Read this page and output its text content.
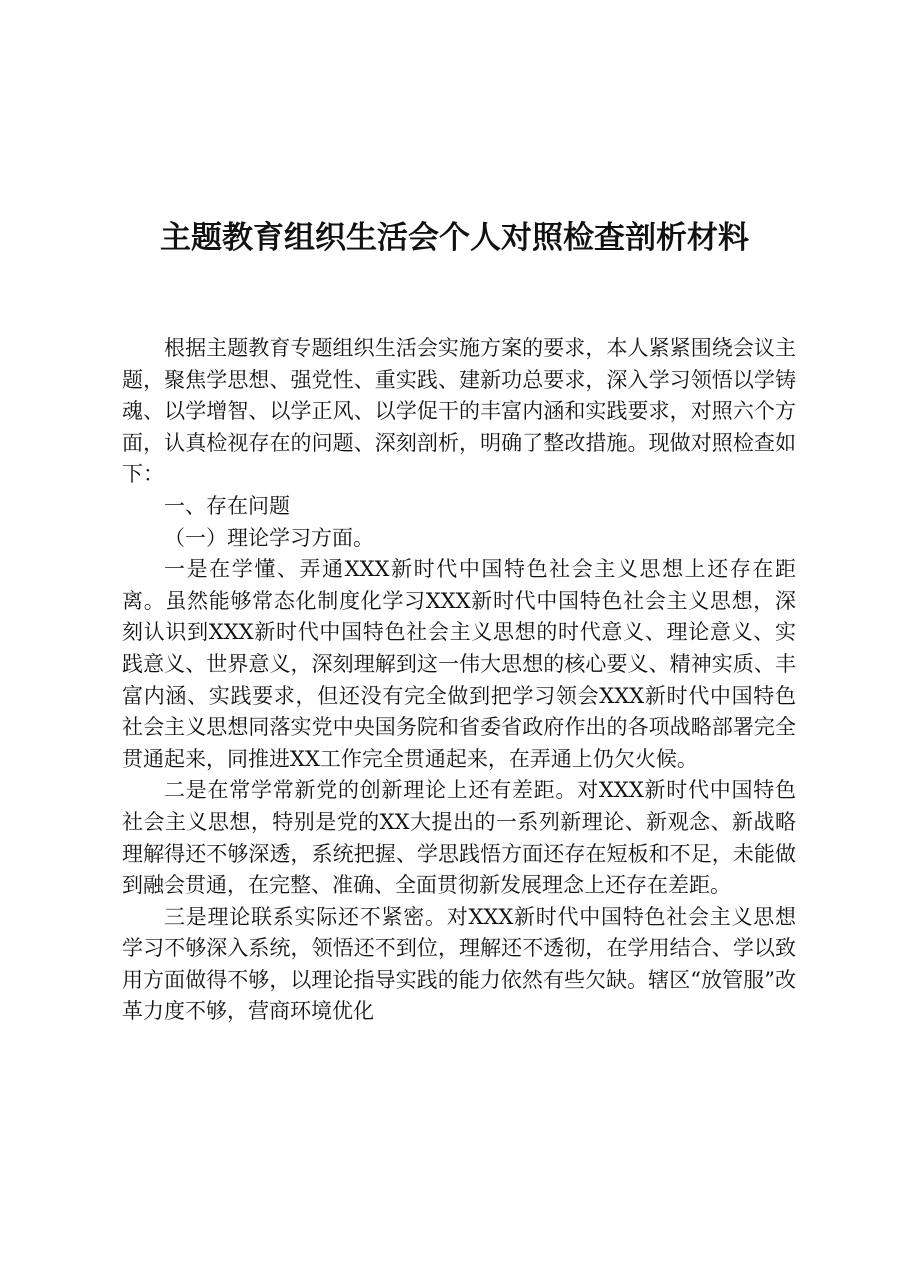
主题教育组织生活会个人对照检查剖析材料

根据主题教育专题组织生活会实施方案的要求，本人紧紧围绕会议主题，聚焦学思想、强党性、重实践、建新功总要求，深入学习领悟以学铸魂、以学增智、以学正风、以学促干的丰富内涵和实践要求，对照六个方面，认真检视存在的问题、深刻剖析，明确了整改措施。现做对照检查如下：

一、存在问题

（一）理论学习方面。

一是在学懂、弄通XXX新时代中国特色社会主义思想上还存在距离。虽然能够常态化制度化学习XXX新时代中国特色社会主义思想，深刻认识到XXX新时代中国特色社会主义思想的时代意义、理论意义、实践意义、世界意义，深刻理解到这一伟大思想的核心要义、精神实质、丰富内涵、实践要求，但还没有完全做到把学习领会XXX新时代中国特色社会主义思想同落实党中央国务院和省委省政府作出的各项战略部署完全贯通起来，同推进XX工作完全贯通起来，在弄通上仍欠火候。

二是在常学常新党的创新理论上还有差距。对XXX新时代中国特色社会主义思想，特别是党的XX大提出的一系列新理论、新观念、新战略理解得还不够深透，系统把握、学思践悟方面还存在短板和不足，未能做到融会贯通，在完整、准确、全面贯彻新发展理念上还存在差距。

三是理论联系实际还不紧密。对XXX新时代中国特色社会主义思想学习不够深入系统，领悟还不到位，理解还不透彻，在学用结合、学以致用方面做得不够，以理论指导实践的能力依然有些欠缺。辖区“放管服”改革力度不够，营商环境优化
